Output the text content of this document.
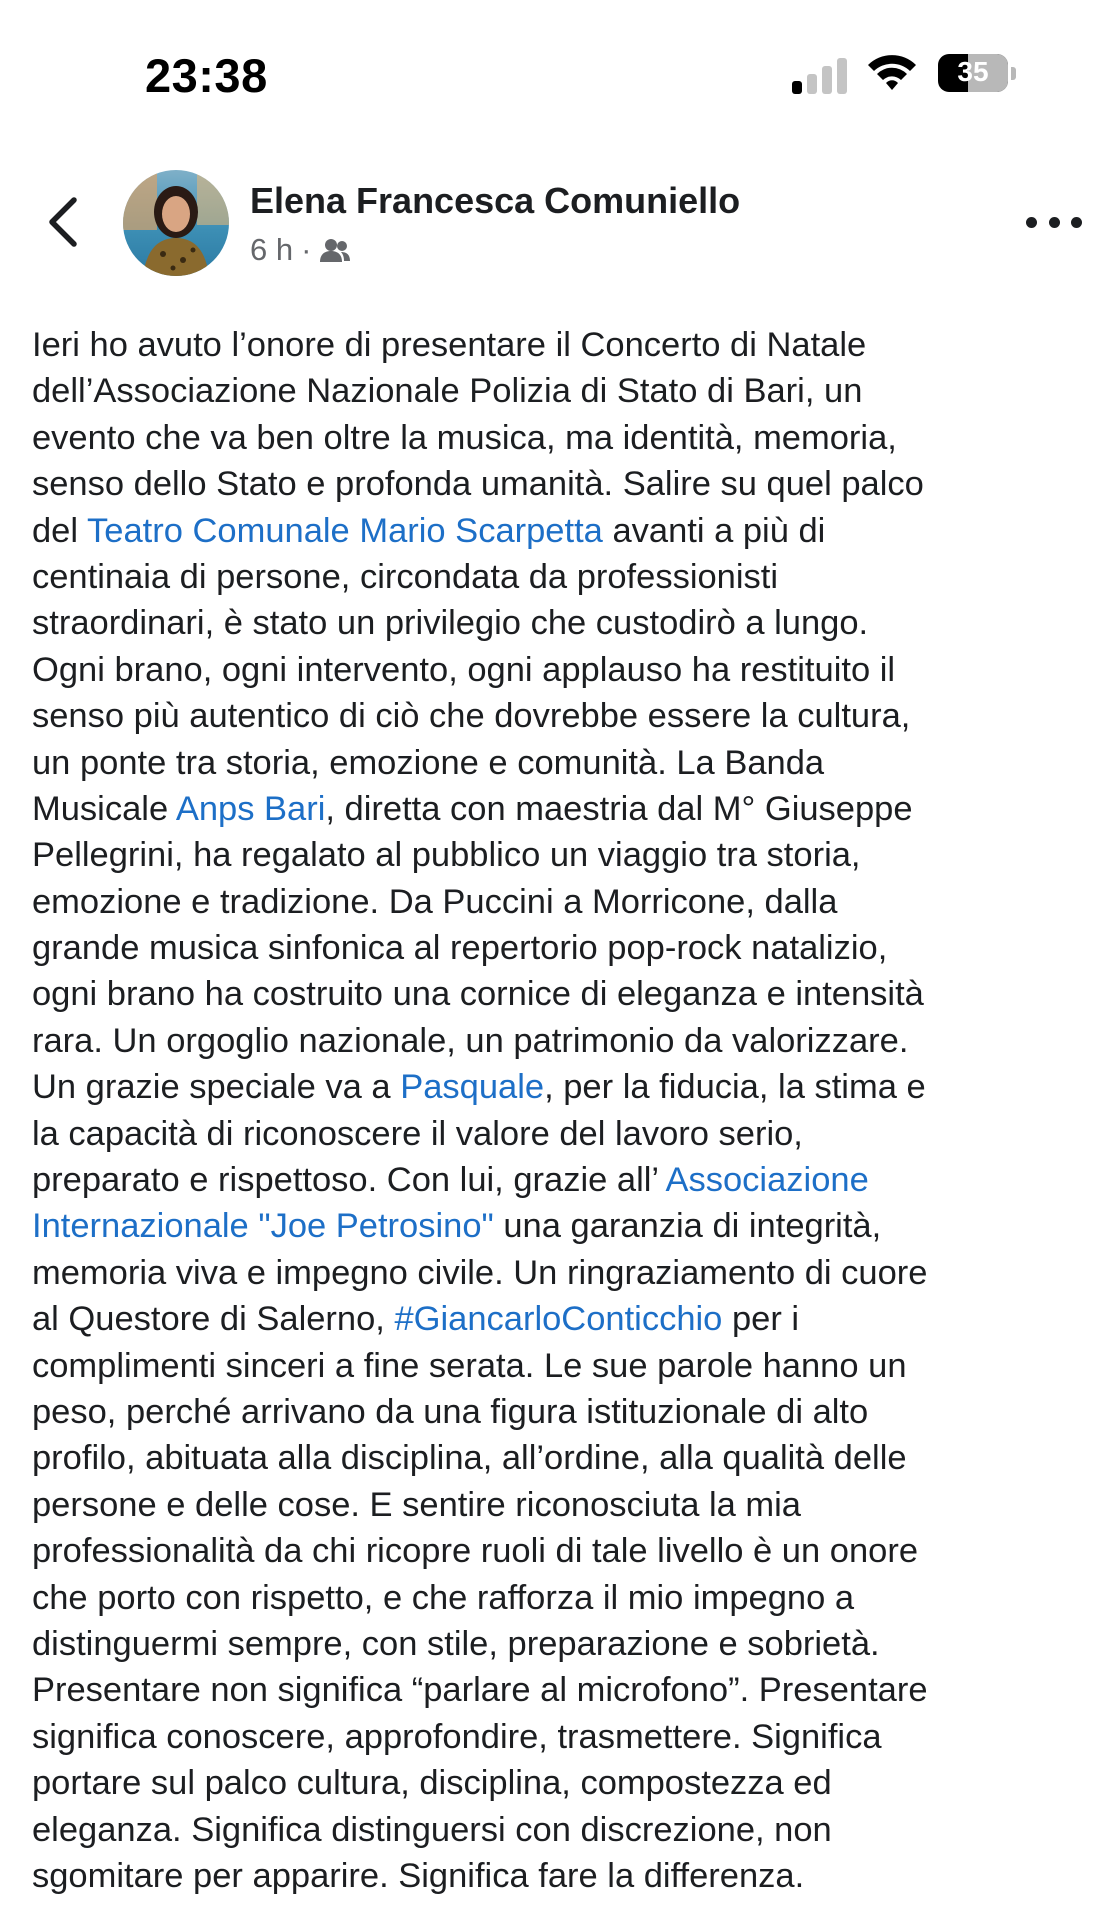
23:38	35
Elena Francesca Comuniello
6 h ·
Ieri ho avuto l’onore di presentare il Concerto di Natale
dell’Associazione Nazionale Polizia di Stato di Bari, un
evento che va ben oltre la musica, ma identità, memoria,
senso dello Stato e profonda umanità. Salire su quel palco
del Teatro Comunale Mario Scarpetta avanti a più di
centinaia di persone, circondata da professionisti
straordinari, è stato un privilegio che custodirò a lungo.
Ogni brano, ogni intervento, ogni applauso ha restituito il
senso più autentico di ciò che dovrebbe essere la cultura,
un ponte tra storia, emozione e comunità. La Banda
Musicale Anps Bari, diretta con maestria dal M° Giuseppe
Pellegrini, ha regalato al pubblico un viaggio tra storia,
emozione e tradizione. Da Puccini a Morricone, dalla
grande musica sinfonica al repertorio pop-rock natalizio,
ogni brano ha costruito una cornice di eleganza e intensità
rara. Un orgoglio nazionale, un patrimonio da valorizzare.
Un grazie speciale va a Pasquale, per la fiducia, la stima e
la capacità di riconoscere il valore del lavoro serio,
preparato e rispettoso. Con lui, grazie all’ Associazione
Internazionale "Joe Petrosino" una garanzia di integrità,
memoria viva e impegno civile. Un ringraziamento di cuore
al Questore di Salerno, #GiancarloConticchio per i
complimenti sinceri a fine serata. Le sue parole hanno un
peso, perché arrivano da una figura istituzionale di alto
profilo, abituata alla disciplina, all’ordine, alla qualità delle
persone e delle cose. E sentire riconosciuta la mia
professionalità da chi ricopre ruoli di tale livello è un onore
che porto con rispetto, e che rafforza il mio impegno a
distinguermi sempre, con stile, preparazione e sobrietà.
Presentare non significa “parlare al microfono”. Presentare
significa conoscere, approfondire, trasmettere. Significa
portare sul palco cultura, disciplina, compostezza ed
eleganza. Significa distinguersi con discrezione, non
sgomitare per apparire. Significa fare la differenza.
